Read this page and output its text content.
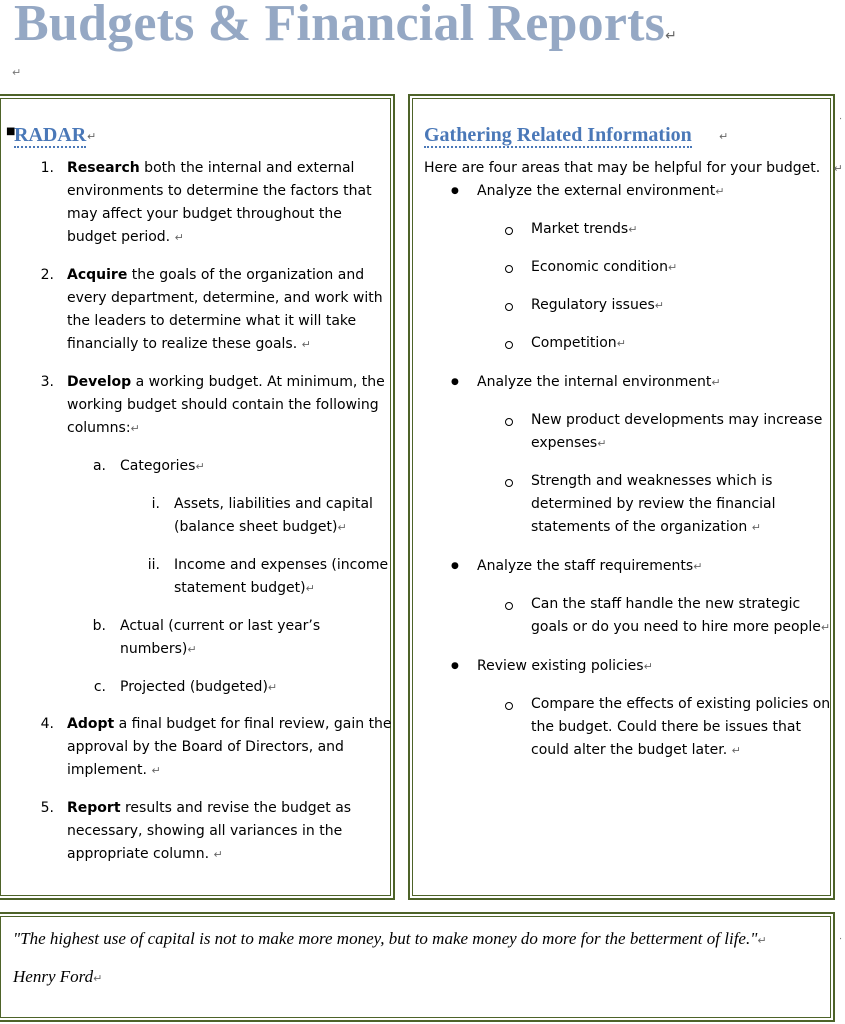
Budgets & Financial Reports↵
↵
■
RADAR ↵
1. Research both the internal and external
environments to determine the factors that
may affect your budget throughout the
budget period. ↵
2. Acquire the goals of the organization and
every department, determine, and work with
the leaders to determine what it will take
financially to realize these goals. ↵
3. Develop a working budget. At minimum, the
working budget should contain the following
columns:↵
a. Categories↵
i. Assets, liabilities and capital
(balance sheet budget)↵
ii. Income and expenses (income
statement budget)↵
b. Actual (current or last year’s
numbers)↵
c. Projected (budgeted)↵
4. Adopt a final budget for final review, gain the
approval by the Board of Directors, and
implement. ↵
5. Report results and revise the budget as
necessary, showing all variances in the
appropriate column. ↵
⋅
Gathering Related Information ↵
Here are four areas that may be helpful for your budget. ↵
●
Analyze the external environment↵
Market trends↵
Economic condition↵
Regulatory issues↵
Competition↵
●
Analyze the internal environment↵
New product developments may increase
expenses↵
Strength and weaknesses which is
determined by review the financial
statements of the organization ↵
●
Analyze the staff requirements↵
Can the staff handle the new strategic
goals or do you need to hire more people↵
●
Review existing policies↵
Compare the effects of existing policies on
the budget. Could there be issues that
could alter the budget later. ↵
⋅
"The highest use of capital is not to make more money, but to make money do more for the betterment of life."↵
Henry Ford↵
